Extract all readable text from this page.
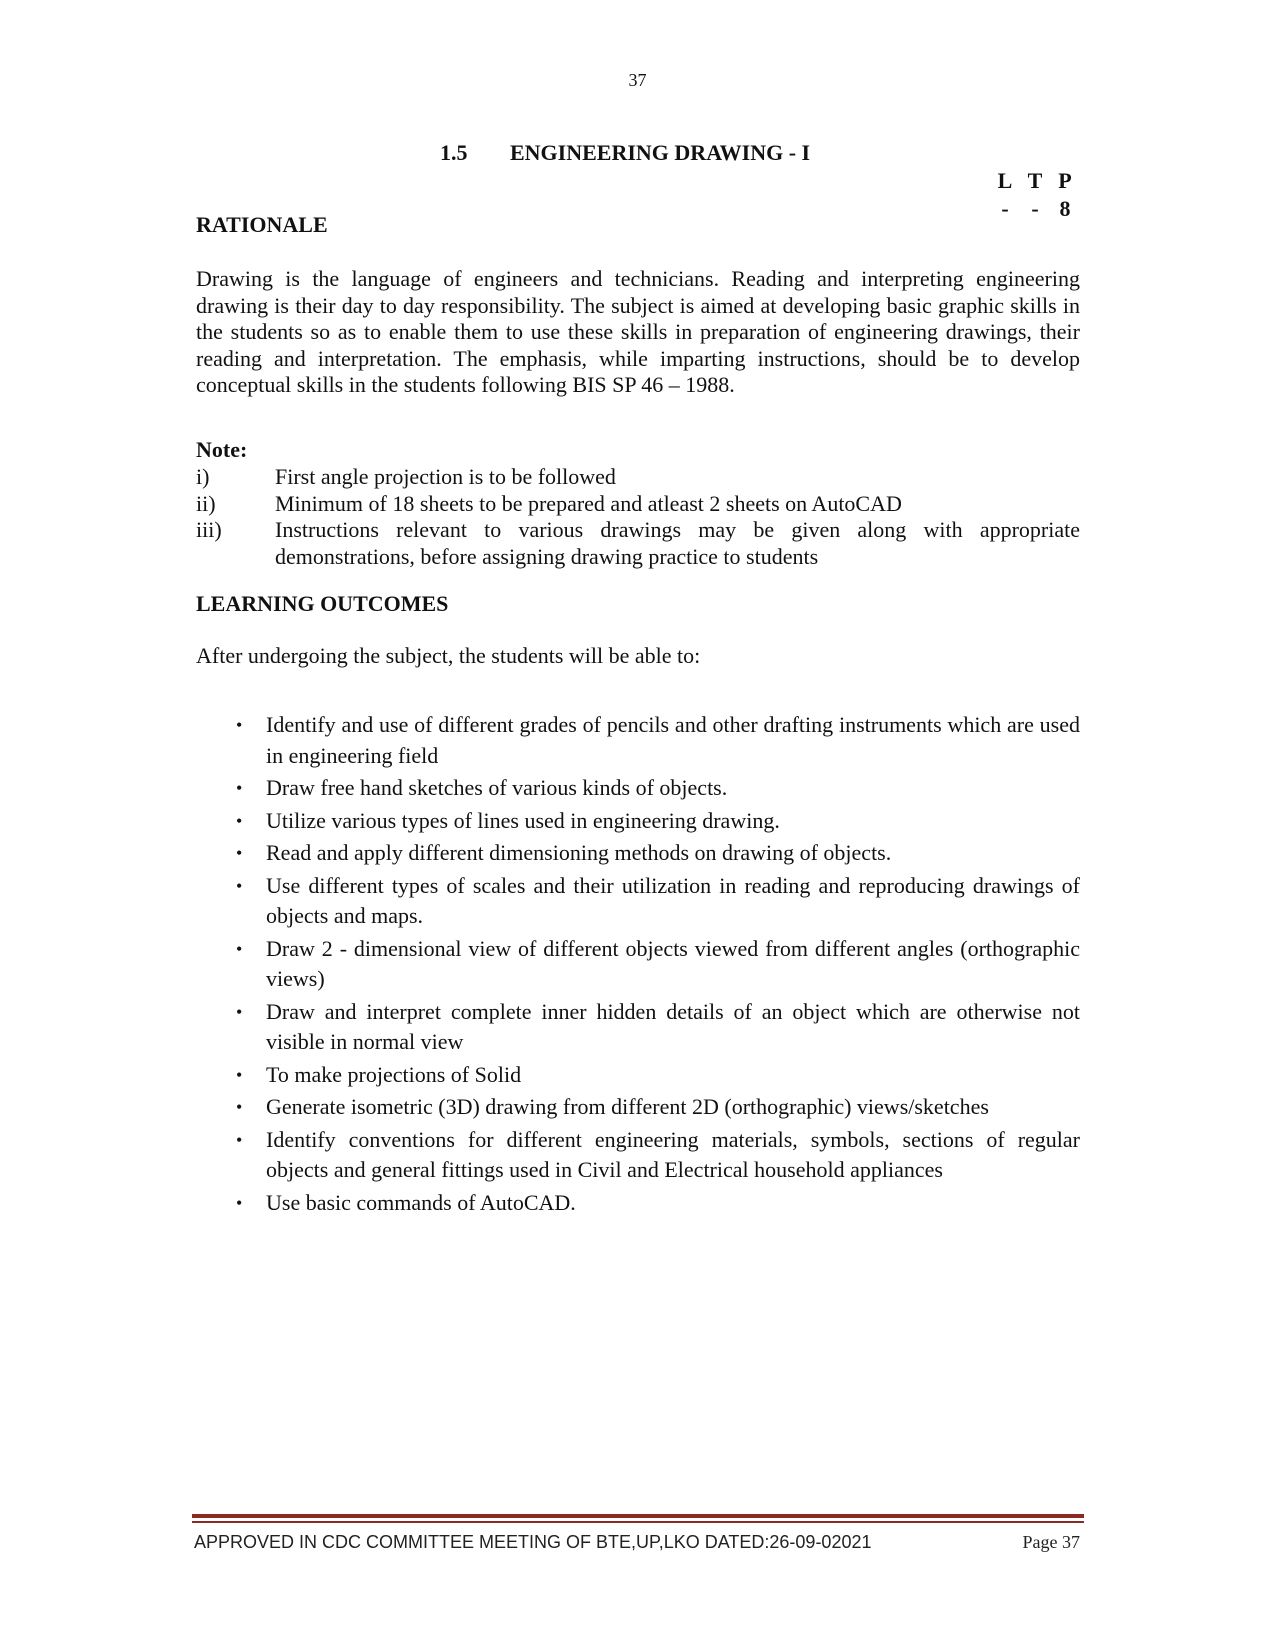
37
1.5 ENGINEERING DRAWING - I
L T P
- - 8
RATIONALE
Drawing is the language of engineers and technicians. Reading and interpreting engineering drawing is their day to day responsibility. The subject is aimed at developing basic graphic skills in the students so as to enable them to use these skills in preparation of engineering drawings, their reading and interpretation. The emphasis, while imparting instructions, should be to develop conceptual skills in the students following BIS SP 46 – 1988.
Note:
i)	First angle projection is to be followed
ii)	Minimum of 18 sheets to be prepared and atleast 2 sheets on AutoCAD
iii)	Instructions relevant to various drawings may be given along with appropriate demonstrations, before assigning drawing practice to students
LEARNING OUTCOMES
After undergoing the subject, the students will be able to:
•	Identify and use of different grades of pencils and other drafting instruments which are used in engineering field
•	Draw free hand sketches of various kinds of objects.
•	Utilize various types of lines used in engineering drawing.
•	Read and apply different dimensioning methods on drawing of objects.
•	Use different types of scales and their utilization in reading and reproducing drawings of objects and maps.
•	Draw 2 - dimensional view of different objects viewed from different angles (orthographic views)
•	Draw and interpret complete inner hidden details of an object which are otherwise not visible in normal view
•	To make projections of Solid
•	Generate isometric (3D) drawing from different 2D (orthographic) views/sketches
•	Identify conventions for different engineering materials, symbols, sections of regular objects and general fittings used in Civil and Electrical household appliances
•	Use basic commands of AutoCAD.
APPROVED IN CDC COMMITTEE MEETING OF BTE,UP,LKO DATED:26-09-02021	Page 37
